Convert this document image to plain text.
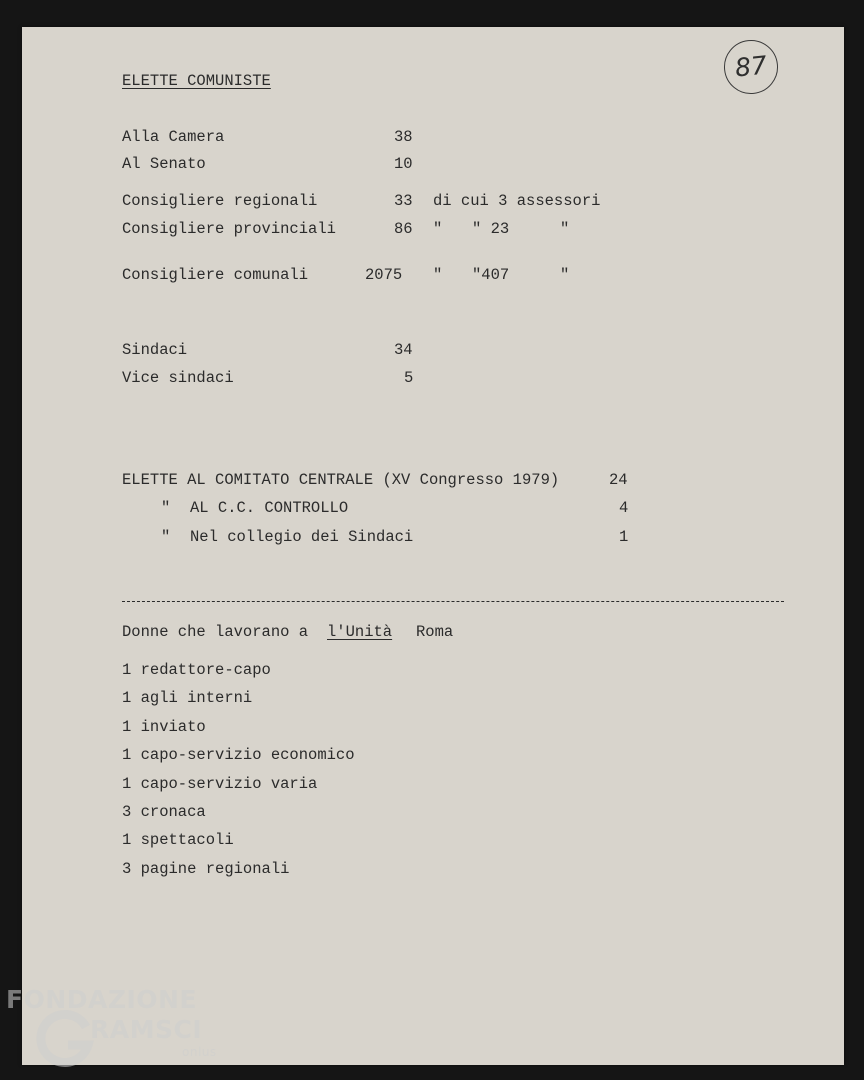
87
ELETTE COMUNISTE
Alla Camera	38
Al Senato	10
Consigliere regionali	33 di cui 3 assessori
Consigliere provinciali	86 " " 23	"
Consigliere comunali	2075 " "407	"
Sindaci	34
Vice sindaci	5
ELETTE AL COMITATO CENTRALE (XV Congresso 1979)	24
" AL C.C. CONTROLLO	4
" Nel collegio dei Sindaci	1
Donne che lavorano a l'Unità Roma
1 redattore-capo
1 agli interni
1 inviato
1 capo-servizio economico
1 capo-servizio varia
3 cronaca
1 spettacoli
3 pagine regionali
FONDAZIONE
RAMSCI
onlus
